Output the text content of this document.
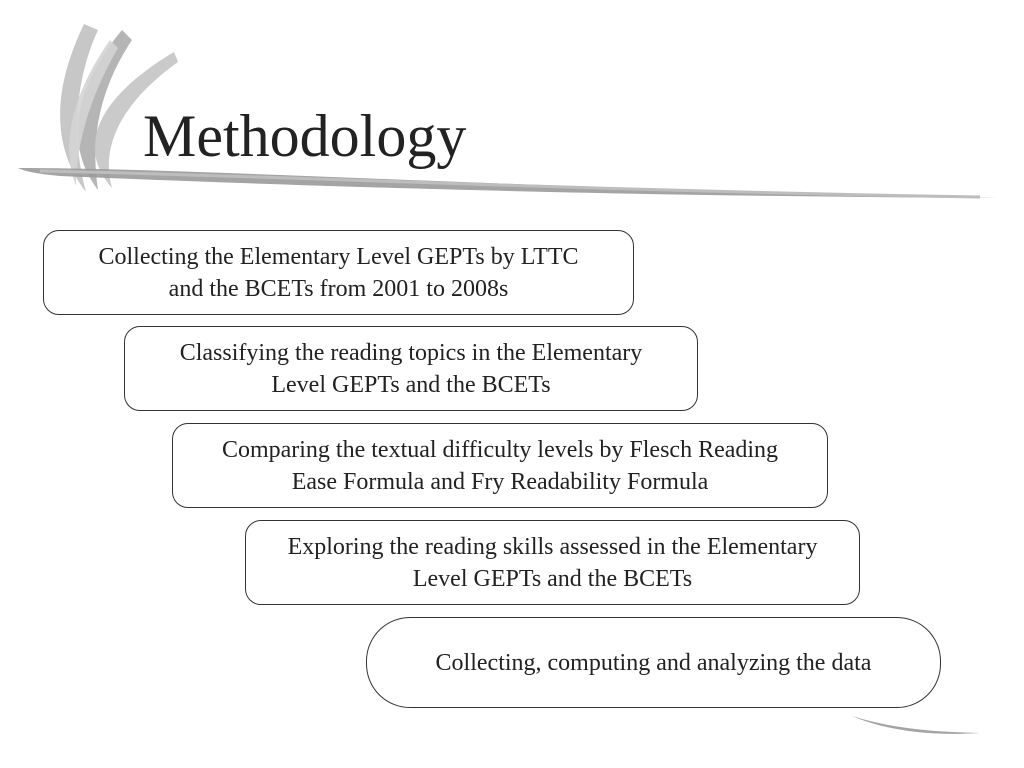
Methodology
Collecting the Elementary Level GEPTs by LTTC
and the BCETs from 2001 to 2008s
Classifying the reading topics in the Elementary
Level GEPTs and the BCETs
Comparing the textual difficulty levels by Flesch Reading
Ease Formula and Fry Readability Formula
Exploring the reading skills assessed in the Elementary
Level GEPTs and the BCETs
Collecting, computing and analyzing the data
